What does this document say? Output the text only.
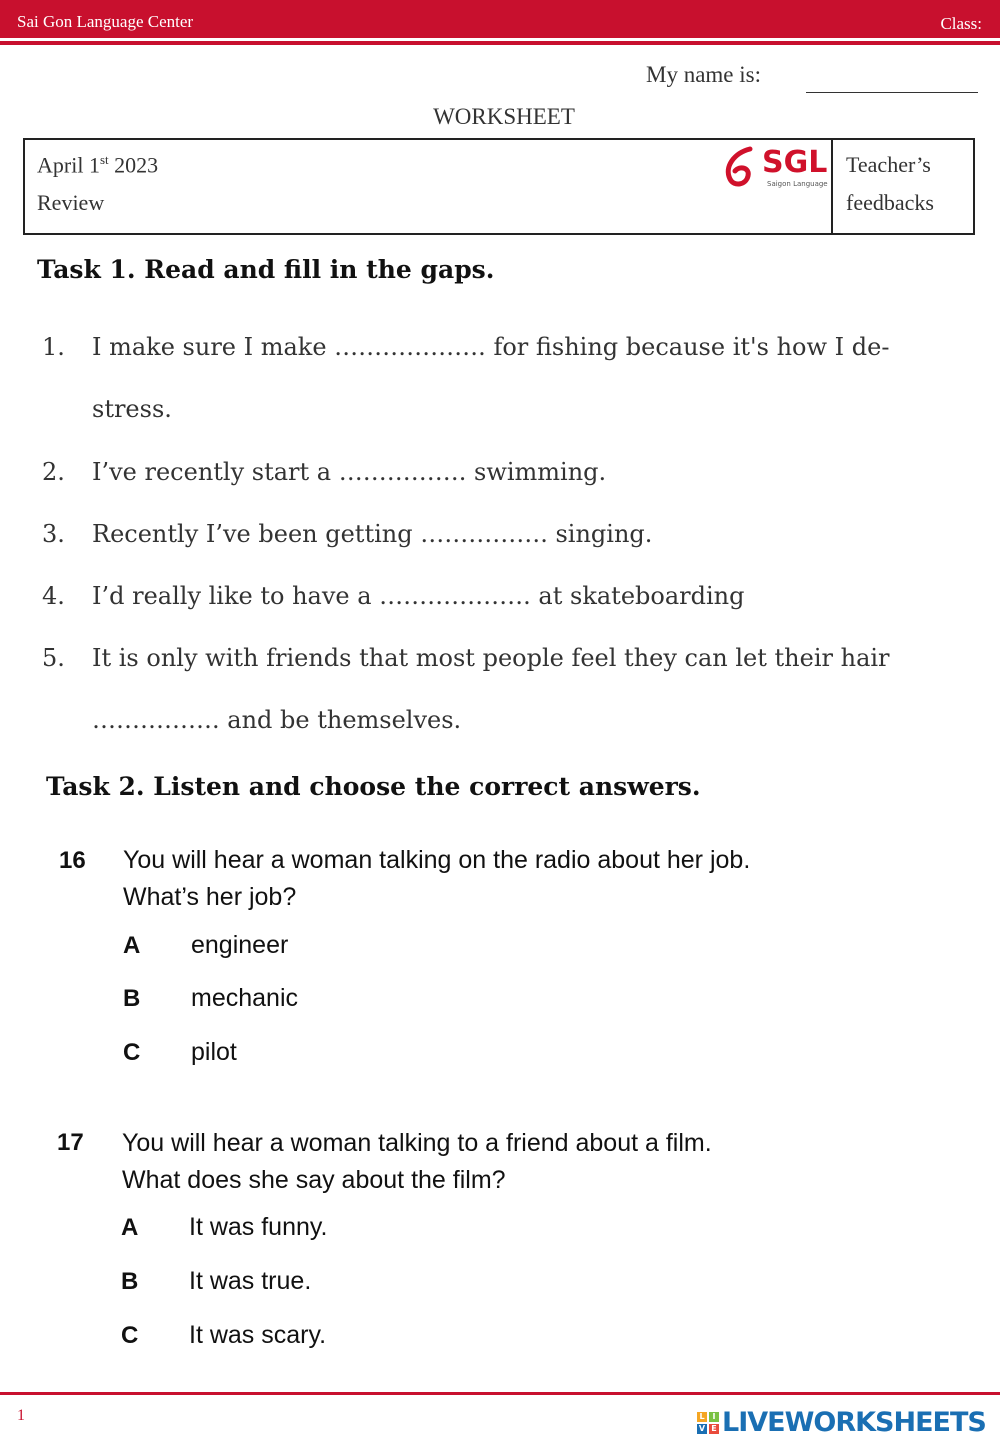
Sai Gon Language Center	Class:
My name is:
WORKSHEET
April 1st 2023
Review
Teacher’s
feedbacks
SGL
Saigon Language
Task 1. Read and fill in the gaps.
1. I make sure I make ………………. for fishing because it's how I de-
stress.
2. I’ve recently start a ……………. swimming.
3. Recently I’ve been getting ……………. singing.
4. I’d really like to have a ………………. at skateboarding
5. It is only with friends that most people feel they can let their hair
……………. and be themselves.
Task 2. Listen and choose the correct answers.
16 You will hear a woman talking on the radio about her job.
What’s her job?
A engineer
B mechanic
C pilot
17 You will hear a woman talking to a friend about a film.
What does she say about the film?
A It was funny.
B It was true.
C It was scary.
1	L I
V E LIVEWORKSHEETS
